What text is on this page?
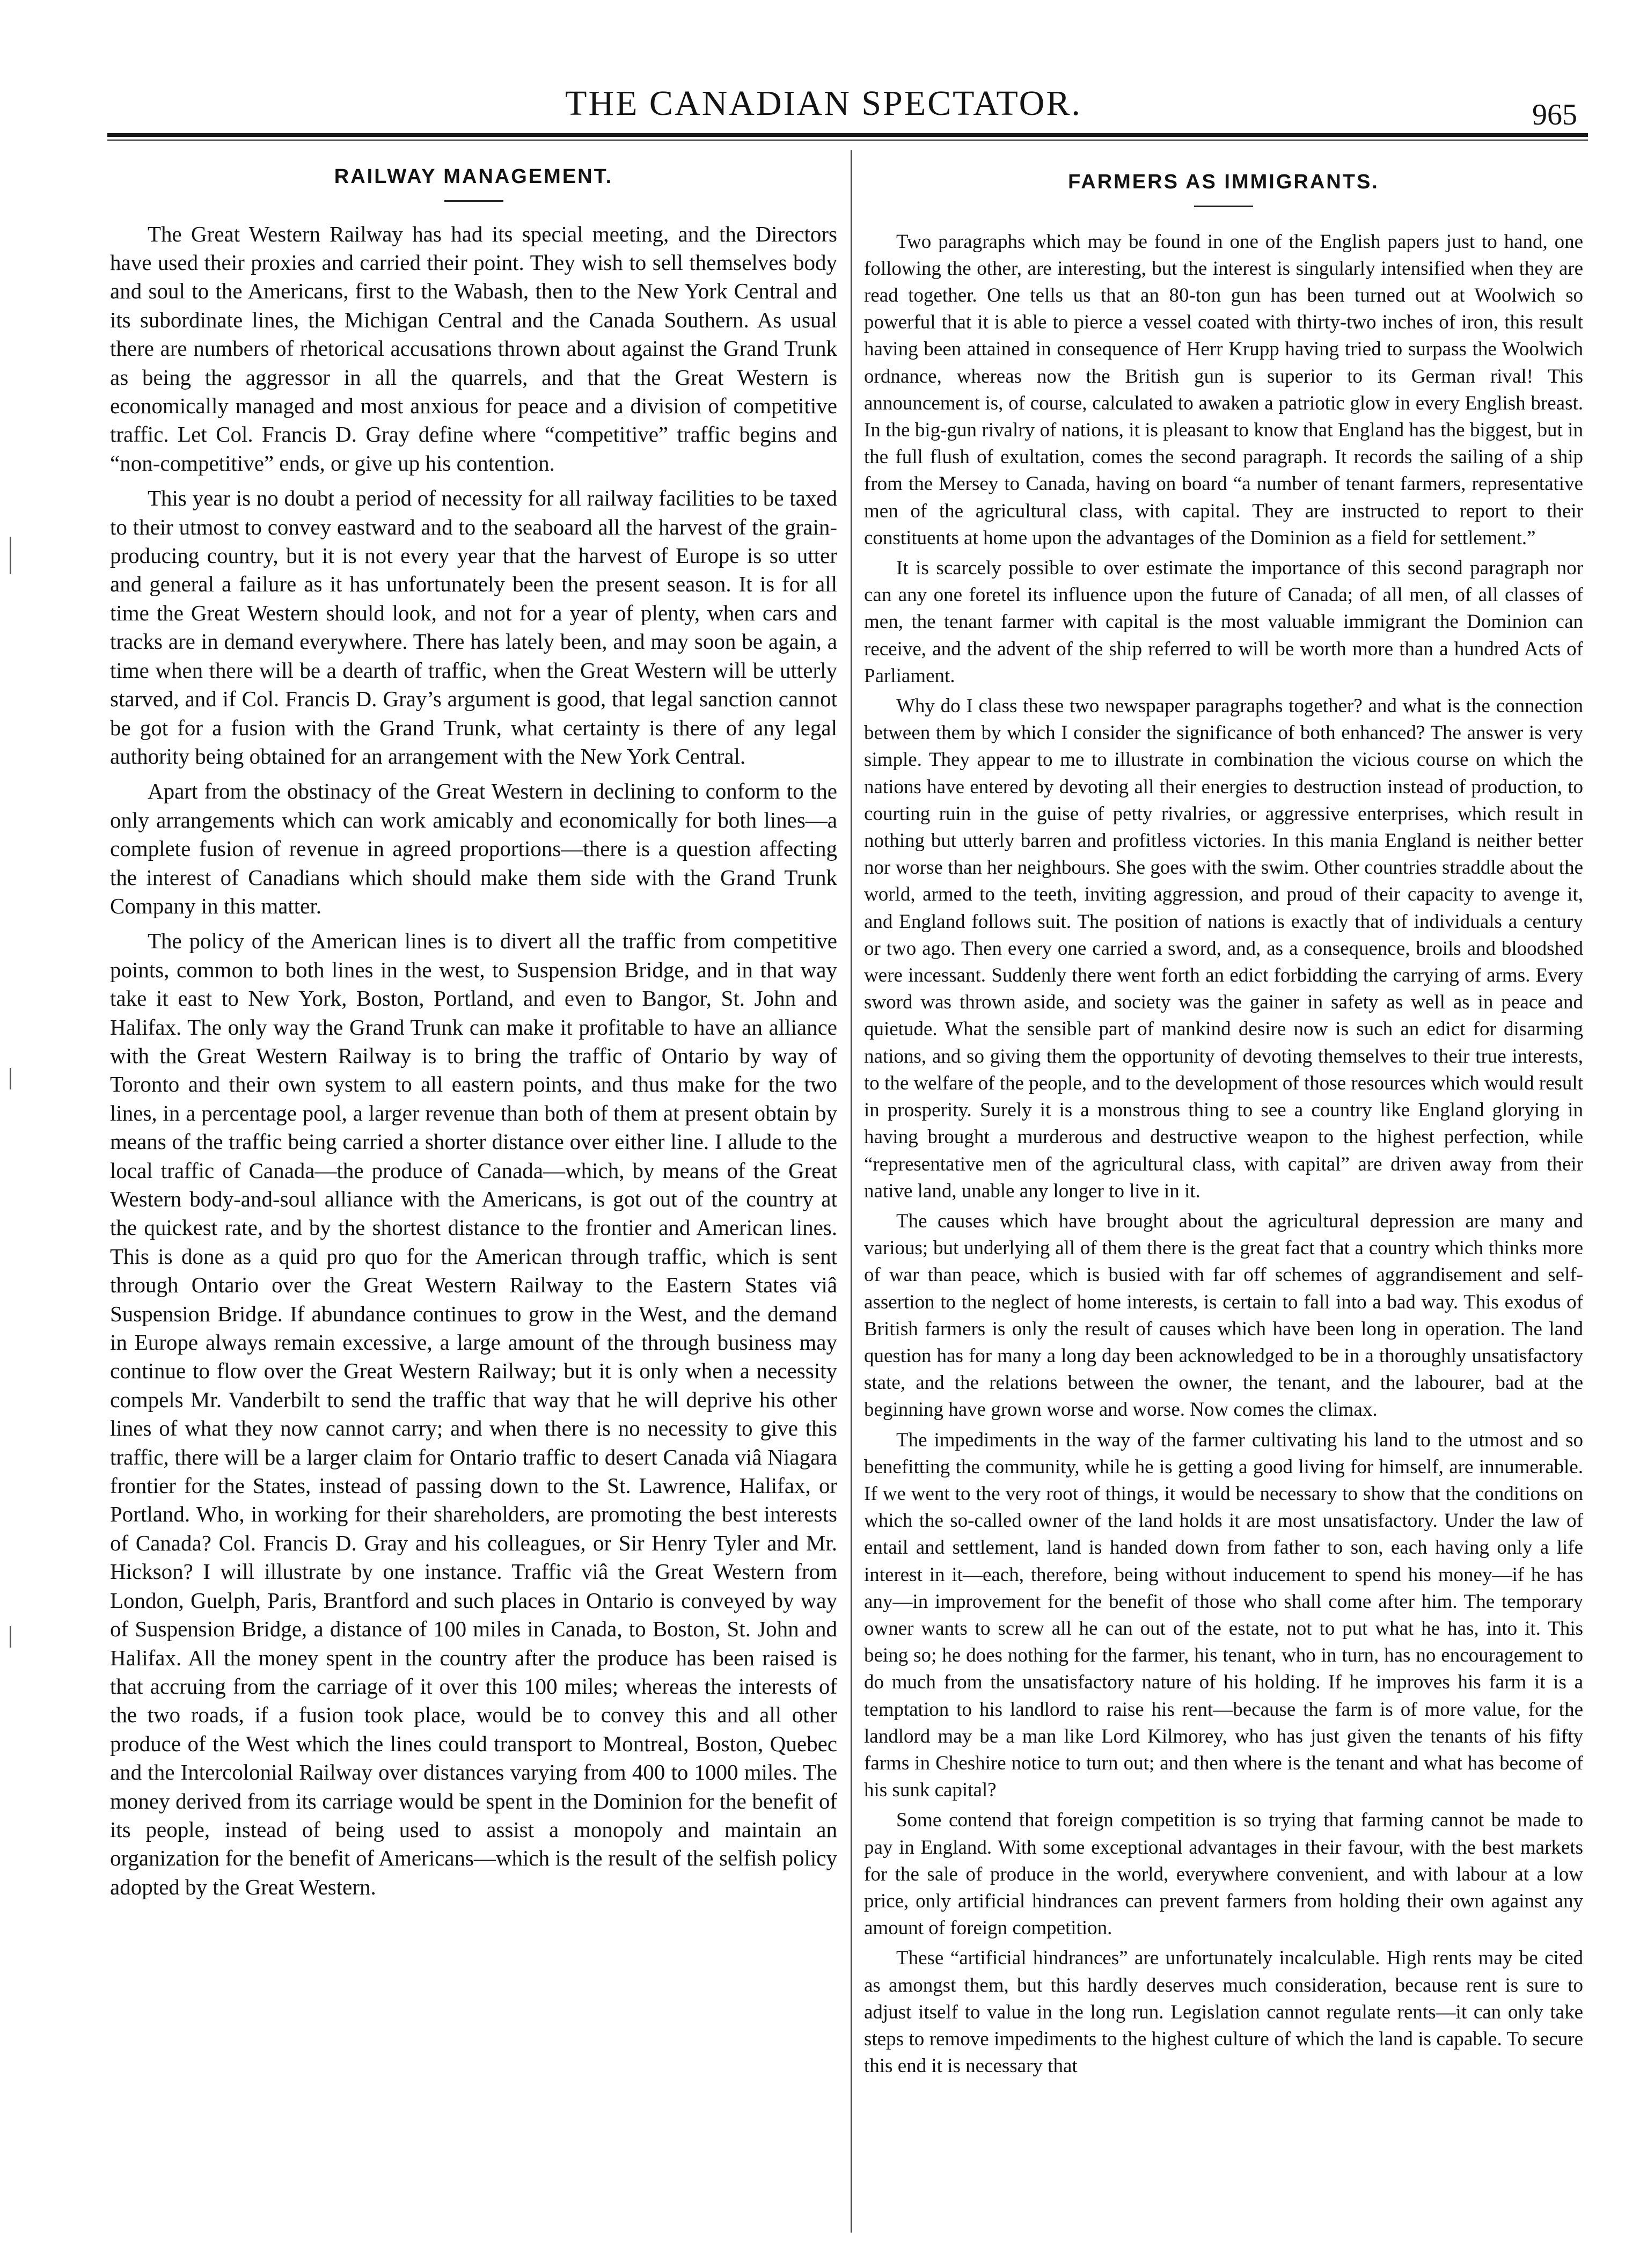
THE CANADIAN SPECTATOR.	965
RAILWAY MANAGEMENT.

The Great Western Railway has had its special meeting, and the Directors have used their proxies and carried their point. They wish to sell themselves body and soul to the Americans, first to the Wabash, then to the New York Central and its subordinate lines, the Michigan Central and the Canada Southern. As usual there are numbers of rhetorical accusations thrown about against the Grand Trunk as being the aggressor in all the quarrels, and that the Great Western is economically managed and most anxious for peace and a division of competitive traffic. Let Col. Francis D. Gray define where “competitive” traffic begins and “non-competitive” ends, or give up his contention.

This year is no doubt a period of necessity for all railway facilities to be taxed to their utmost to convey eastward and to the seaboard all the harvest of the grain-producing country, but it is not every year that the harvest of Europe is so utter and general a failure as it has unfortunately been the present season. It is for all time the Great Western should look, and not for a year of plenty, when cars and tracks are in demand everywhere. There has lately been, and may soon be again, a time when there will be a dearth of traffic, when the Great Western will be utterly starved, and if Col. Francis D. Gray’s argument is good, that legal sanction cannot be got for a fusion with the Grand Trunk, what certainty is there of any legal authority being obtained for an arrangement with the New York Central.

Apart from the obstinacy of the Great Western in declining to conform to the only arrangements which can work amicably and economically for both lines—a complete fusion of revenue in agreed proportions—there is a question affecting the interest of Canadians which should make them side with the Grand Trunk Company in this matter.

The policy of the American lines is to divert all the traffic from competitive points, common to both lines in the west, to Suspension Bridge, and in that way take it east to New York, Boston, Portland, and even to Bangor, St. John and Halifax. The only way the Grand Trunk can make it profitable to have an alliance with the Great Western Railway is to bring the traffic of Ontario by way of Toronto and their own system to all eastern points, and thus make for the two lines, in a percentage pool, a larger revenue than both of them at present obtain by means of the traffic being carried a shorter distance over either line. I allude to the local traffic of Canada—the produce of Canada—which, by means of the Great Western body-and-soul alliance with the Americans, is got out of the country at the quickest rate, and by the shortest distance to the frontier and American lines. This is done as a quid pro quo for the American through traffic, which is sent through Ontario over the Great Western Railway to the Eastern States viâ Suspension Bridge. If abundance continues to grow in the West, and the demand in Europe always remain excessive, a large amount of the through business may continue to flow over the Great Western Railway; but it is only when a necessity compels Mr. Vanderbilt to send the traffic that way that he will deprive his other lines of what they now cannot carry; and when there is no necessity to give this traffic, there will be a larger claim for Ontario traffic to desert Canada viâ Niagara frontier for the States, instead of passing down to the St. Lawrence, Halifax, or Portland. Who, in working for their shareholders, are promoting the best interests of Canada? Col. Francis D. Gray and his colleagues, or Sir Henry Tyler and Mr. Hickson? I will illustrate by one instance. Traffic viâ the Great Western from London, Guelph, Paris, Brantford and such places in Ontario is conveyed by way of Suspension Bridge, a distance of 100 miles in Canada, to Boston, St. John and Halifax. All the money spent in the country after the produce has been raised is that accruing from the carriage of it over this 100 miles; whereas the interests of the two roads, if a fusion took place, would be to convey this and all other produce of the West which the lines could transport to Montreal, Boston, Quebec and the Intercolonial Railway over distances varying from 400 to 1000 miles. The money derived from its carriage would be spent in the Dominion for the benefit of its people, instead of being used to assist a monopoly and maintain an organization for the benefit of Americans—which is the result of the selfish policy adopted by the Great Western.

FARMERS AS IMMIGRANTS.

Two paragraphs which may be found in one of the English papers just to hand, one following the other, are interesting, but the interest is singularly intensified when they are read together. One tells us that an 80-ton gun has been turned out at Woolwich so powerful that it is able to pierce a vessel coated with thirty-two inches of iron, this result having been attained in consequence of Herr Krupp having tried to surpass the Woolwich ordnance, whereas now the British gun is superior to its German rival! This announcement is, of course, calculated to awaken a patriotic glow in every English breast. In the big-gun rivalry of nations, it is pleasant to know that England has the biggest, but in the full flush of exultation, comes the second paragraph. It records the sailing of a ship from the Mersey to Canada, having on board “a number of tenant farmers, representative men of the agricultural class, with capital. They are instructed to report to their constituents at home upon the advantages of the Dominion as a field for settlement.”

It is scarcely possible to over estimate the importance of this second paragraph nor can any one foretel its influence upon the future of Canada; of all men, of all classes of men, the tenant farmer with capital is the most valuable immigrant the Dominion can receive, and the advent of the ship referred to will be worth more than a hundred Acts of Parliament.

Why do I class these two newspaper paragraphs together? and what is the connection between them by which I consider the significance of both enhanced? The answer is very simple. They appear to me to illustrate in combination the vicious course on which the nations have entered by devoting all their energies to destruction instead of production, to courting ruin in the guise of petty rivalries, or aggressive enterprises, which result in nothing but utterly barren and profitless victories. In this mania England is neither better nor worse than her neighbours. She goes with the swim. Other countries straddle about the world, armed to the teeth, inviting aggression, and proud of their capacity to avenge it, and England follows suit. The position of nations is exactly that of individuals a century or two ago. Then every one carried a sword, and, as a consequence, broils and bloodshed were incessant. Suddenly there went forth an edict forbidding the carrying of arms. Every sword was thrown aside, and society was the gainer in safety as well as in peace and quietude. What the sensible part of mankind desire now is such an edict for disarming nations, and so giving them the opportunity of devoting themselves to their true interests, to the welfare of the people, and to the development of those resources which would result in prosperity. Surely it is a monstrous thing to see a country like England glorying in having brought a murderous and destructive weapon to the highest perfection, while “representative men of the agricultural class, with capital” are driven away from their native land, unable any longer to live in it.

The causes which have brought about the agricultural depression are many and various; but underlying all of them there is the great fact that a country which thinks more of war than peace, which is busied with far off schemes of aggrandisement and self-assertion to the neglect of home interests, is certain to fall into a bad way. This exodus of British farmers is only the result of causes which have been long in operation. The land question has for many a long day been acknowledged to be in a thoroughly unsatisfactory state, and the relations between the owner, the tenant, and the labourer, bad at the beginning have grown worse and worse. Now comes the climax.

The impediments in the way of the farmer cultivating his land to the utmost and so benefitting the community, while he is getting a good living for himself, are innumerable. If we went to the very root of things, it would be necessary to show that the conditions on which the so-called owner of the land holds it are most unsatisfactory. Under the law of entail and settlement, land is handed down from father to son, each having only a life interest in it—each, therefore, being without inducement to spend his money—if he has any—in improvement for the benefit of those who shall come after him. The temporary owner wants to screw all he can out of the estate, not to put what he has, into it. This being so; he does nothing for the farmer, his tenant, who in turn, has no encouragement to do much from the unsatisfactory nature of his holding. If he improves his farm it is a temptation to his landlord to raise his rent—because the farm is of more value, for the landlord may be a man like Lord Kilmorey, who has just given the tenants of his fifty farms in Cheshire notice to turn out; and then where is the tenant and what has become of his sunk capital?

Some contend that foreign competition is so trying that farming cannot be made to pay in England. With some exceptional advantages in their favour, with the best markets for the sale of produce in the world, everywhere convenient, and with labour at a low price, only artificial hindrances can prevent farmers from holding their own against any amount of foreign competition.

These “artificial hindrances” are unfortunately incalculable. High rents may be cited as amongst them, but this hardly deserves much consideration, because rent is sure to adjust itself to value in the long run. Legislation cannot regulate rents—it can only take steps to remove impediments to the highest culture of which the land is capable. To secure this end it is necessary that
